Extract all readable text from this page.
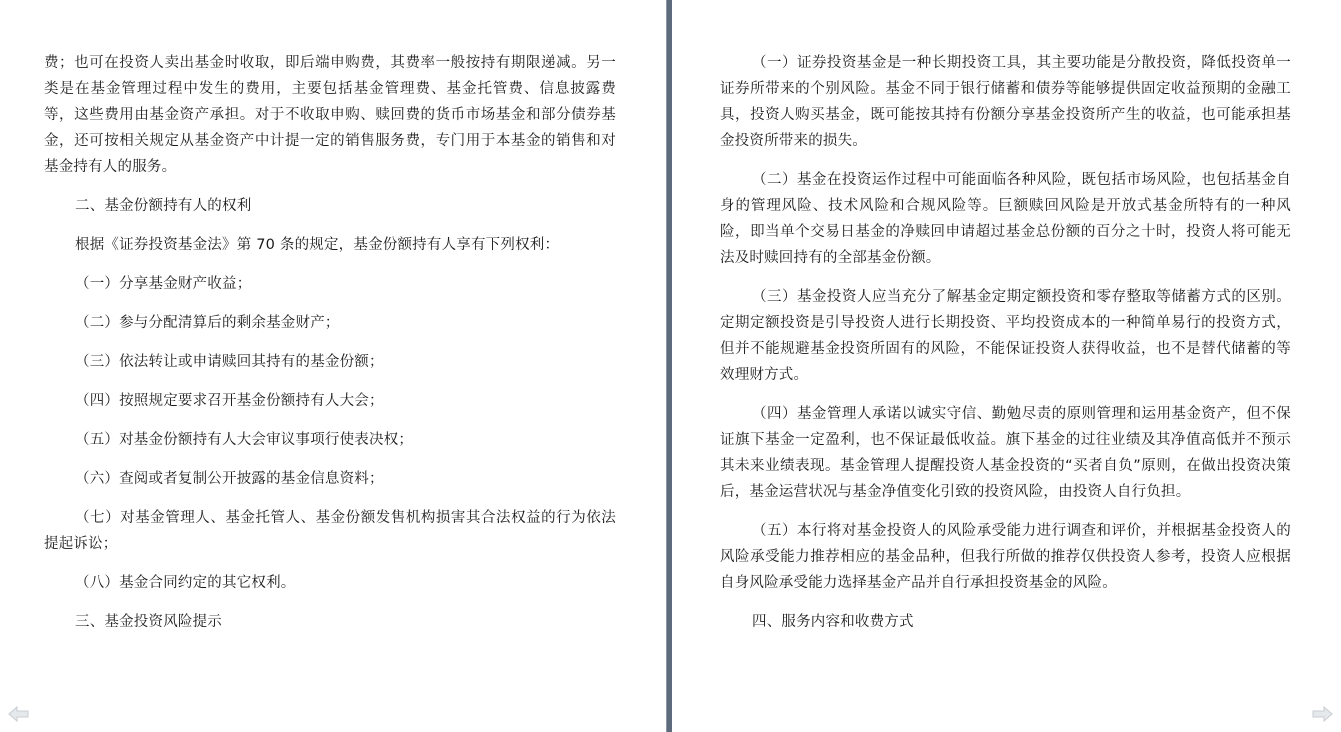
费；也可在投资人卖出基金时收取，即后端申购费，其费率一般按持有期限递减。另一类是在基金管理过程中发生的费用，主要包括基金管理费、基金托管费、信息披露费等，这些费用由基金资产承担。对于不收取申购、赎回费的货币市场基金和部分债券基金，还可按相关规定从基金资产中计提一定的销售服务费，专门用于本基金的销售和对基金持有人的服务。

二、基金份额持有人的权利

根据《证券投资基金法》第 70 条的规定，基金份额持有人享有下列权利：

（一）分享基金财产收益；

（二）参与分配清算后的剩余基金财产；

（三）依法转让或申请赎回其持有的基金份额；

（四）按照规定要求召开基金份额持有人大会；

（五）对基金份额持有人大会审议事项行使表决权；

（六）查阅或者复制公开披露的基金信息资料；

（七）对基金管理人、基金托管人、基金份额发售机构损害其合法权益的行为依法提起诉讼；

（八）基金合同约定的其它权利。

三、基金投资风险提示

（一）证券投资基金是一种长期投资工具，其主要功能是分散投资，降低投资单一证券所带来的个别风险。基金不同于银行储蓄和债券等能够提供固定收益预期的金融工具，投资人购买基金，既可能按其持有份额分享基金投资所产生的收益，也可能承担基金投资所带来的损失。

（二）基金在投资运作过程中可能面临各种风险，既包括市场风险，也包括基金自身的管理风险、技术风险和合规风险等。巨额赎回风险是开放式基金所特有的一种风险，即当单个交易日基金的净赎回申请超过基金总份额的百分之十时，投资人将可能无法及时赎回持有的全部基金份额。

（三）基金投资人应当充分了解基金定期定额投资和零存整取等储蓄方式的区别。定期定额投资是引导投资人进行长期投资、平均投资成本的一种简单易行的投资方式，但并不能规避基金投资所固有的风险，不能保证投资人获得收益，也不是替代储蓄的等效理财方式。

（四）基金管理人承诺以诚实守信、勤勉尽责的原则管理和运用基金资产，但不保证旗下基金一定盈利，也不保证最低收益。旗下基金的过往业绩及其净值高低并不预示其未来业绩表现。基金管理人提醒投资人基金投资的“买者自负”原则，在做出投资决策后，基金运营状况与基金净值变化引致的投资风险，由投资人自行负担。

（五）本行将对基金投资人的风险承受能力进行调查和评价，并根据基金投资人的风险承受能力推荐相应的基金品种，但我行所做的推荐仅供投资人参考，投资人应根据自身风险承受能力选择基金产品并自行承担投资基金的风险。

四、服务内容和收费方式
